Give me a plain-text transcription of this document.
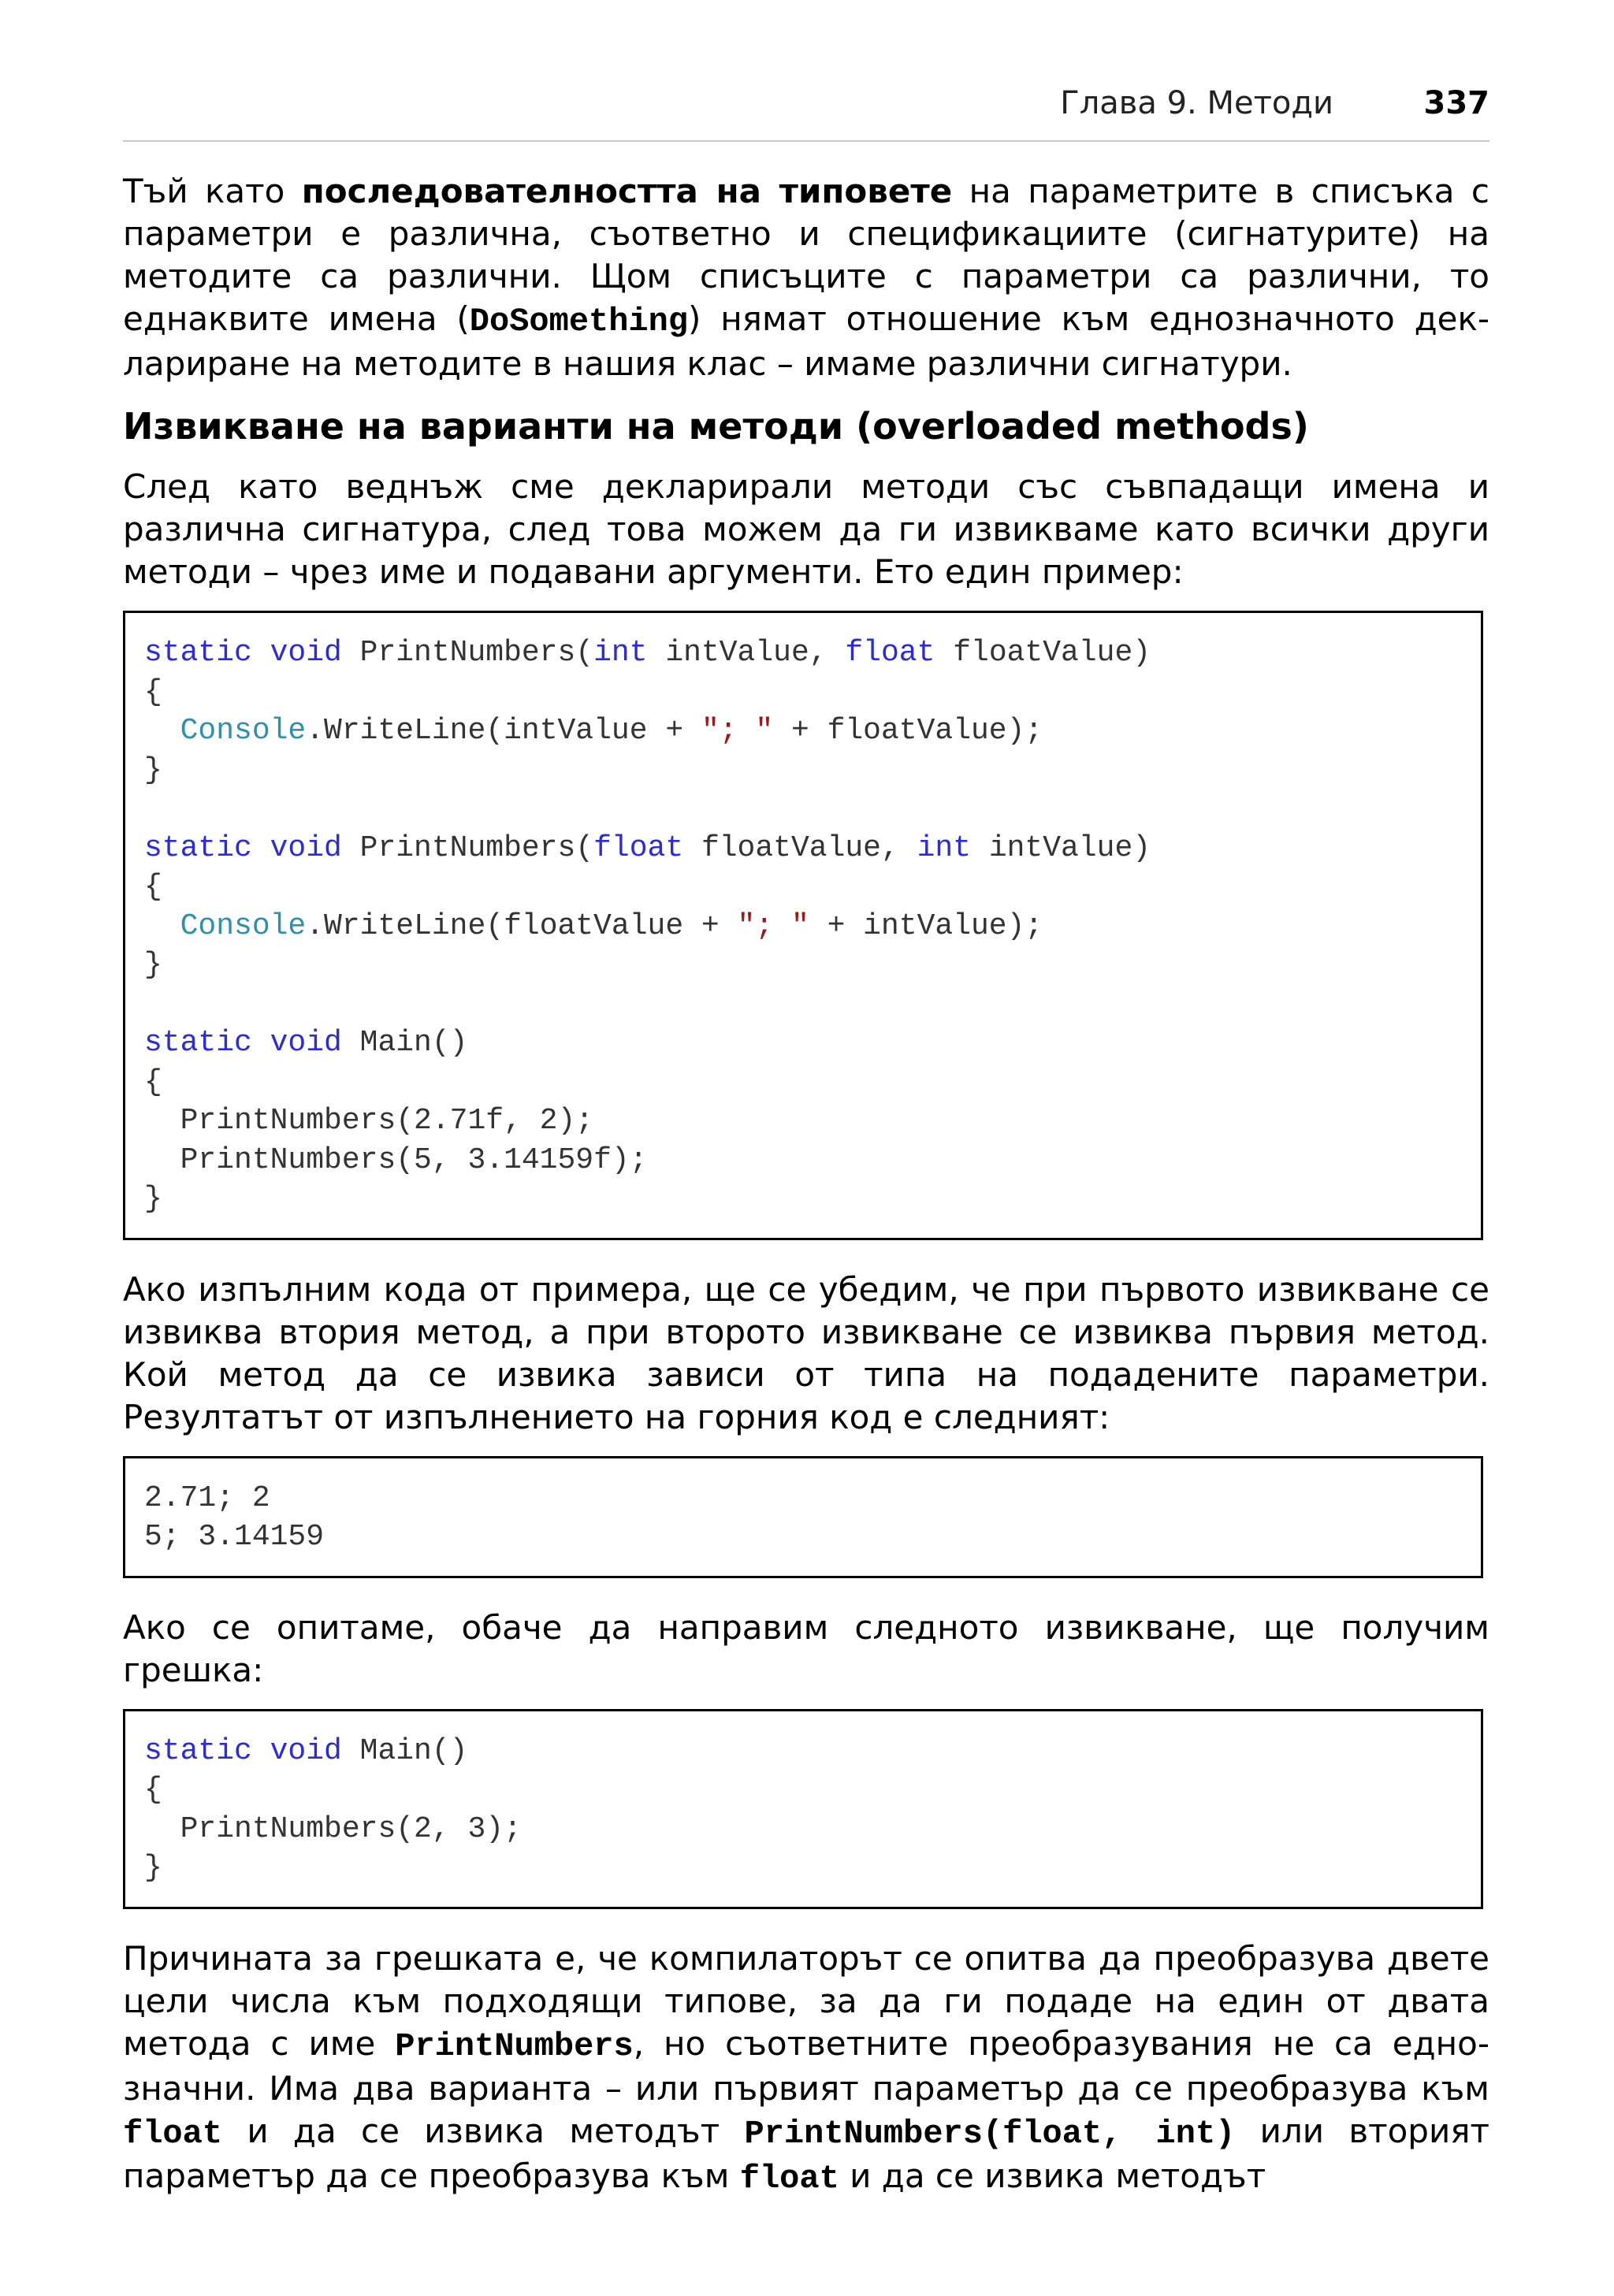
Глава 9. Методи	337

Тъй като последователността на типовете на параметрите в списъка с параметри е различна, съответно и спецификациите (сигнатурите) на методите са различни. Щом списъците с параметри са различни, то еднаквите имена (DoSomething) нямат отношение към еднозначното дек-лариране на методите в нашия клас – имаме различни сигнатури.

Извикване на варианти на методи (overloaded methods)

След като веднъж сме декларирали методи със съвпадащи имена и различна сигнатура, след това можем да ги извикваме като всички други методи – чрез име и подавани аргументи. Ето един пример:

static void PrintNumbers(int intValue, float floatValue)
{
Console.WriteLine(intValue + "; " + floatValue);
}
static void PrintNumbers(float floatValue, int intValue)
{
Console.WriteLine(floatValue + "; " + intValue);
}
static void Main()
{
PrintNumbers(2.71f, 2);
PrintNumbers(5, 3.14159f);
}

Ако изпълним кода от примера, ще се убедим, че при първото извикване се извиква втория метод, а при второто извикване се извиква първия метод. Кой метод да се извика зависи от типа на подадените параметри. Резултатът от изпълнението на горния код е следният:

2.71; 2
5; 3.14159

Ако се опитаме, обаче да направим следното извикване, ще получим грешка:

static void Main()
{
PrintNumbers(2, 3);
}

Причината за грешката е, че компилаторът се опитва да преобразува двете цели числа към подходящи типове, за да ги подаде на един от двата метода с име PrintNumbers, но съответните преобразувания не са едно-значни. Има два варианта – или първият параметър да се преобразува към float и да се извика методът PrintNumbers(float, int) или вторият параметър да се преобразува към float и да се извика методът
